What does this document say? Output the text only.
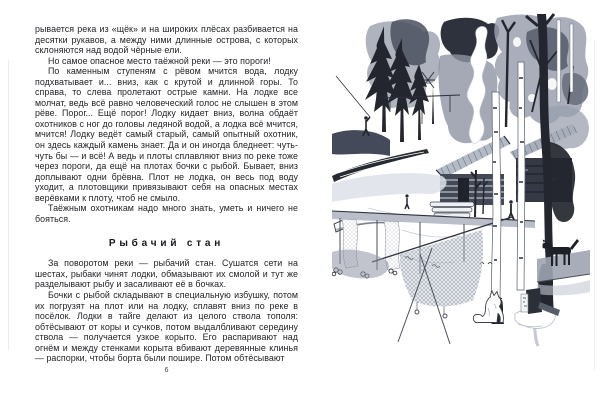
рывается река из «щёк» и на широких плёсах разбивается на десятки рукавов, а между ними длинные острова, с которых склоняются над водой чёрные ели.

Но самое опасное место таёжной реки — это пороги!

По каменным ступеням с рёвом мчится вода, лодку подхватывает и... вниз, как с крутой и длинной горы. То справа, то слева пролетают острые камни. На лодке все молчат, ведь всё равно человеческий голос не слышен в этом рёве. Порог... Ещё порог! Лодку кидает вниз, волна обдаёт охотников с ног до головы ледяной водой, а лодка всё мчится, мчится! Лодку ведёт самый старый, самый опытный охотник, он здесь каждый камень знает. Да и он иногда бледнеет: чуть-чуть бы — и всё! А ведь и плоты сплавляют вниз по реке тоже через пороги, да ещё на плотах бочки с рыбой. Бывает, вниз доплывают одни брёвна. Плот не лодка, он весь под воду уходит, а плотовщики привязывают себя на опасных местах верёвками к плоту, чтоб не смыло.

Таёжным охотникам надо много знать, уметь и ничего не бояться.

Рыбачий стан

За поворотом реки — рыбачий стан. Сушатся сети на шестах, рыбаки чинят лодки, обмазывают их смолой и тут же разделывают рыбу и засаливают её в бочках.

Бочки с рыбой складывают в специальную избушку, потом их погрузят на плот или на лодку, сплавят вниз по реке в посёлок. Лодки в тайге делают из целого ствола тополя: обтёсывают от коры и сучков, потом выдалбливают середину ствола — получается узкое корыто. Его распаривают над огнём и между стенками корыта вбивают деревянные клинья — распорки, чтобы борта были пошире. Потом обтёсывают

6
